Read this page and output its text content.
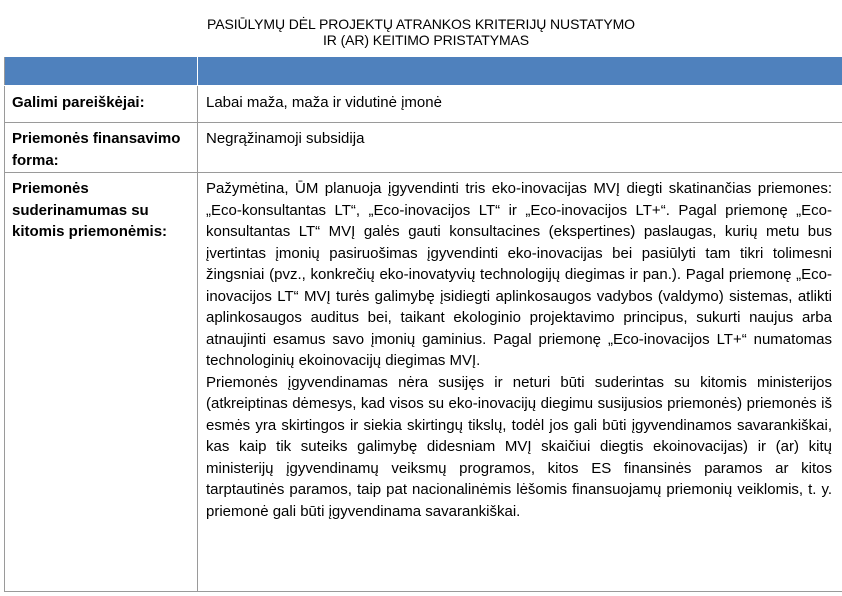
PASIŪLYMŲ DĖL PROJEKTŲ ATRANKOS KRITERIJŲ NUSTATYMO
IR (AR) KEITIMO PRISTATYMAS

Galimi pareiškėjai:	Labai maža, maža ir vidutinė įmonė
Priemonės finansavimo forma:	Negrąžinamoji subsidija
Priemonės suderinamumas su kitomis priemonėmis:	Pažymėtina, ŪM planuoja įgyvendinti tris eko-inovacijas MVĮ diegti skatinančias priemones: „Eco-konsultantas LT“, „Eco-inovacijos LT“ ir „Eco-inovacijos LT+“. Pagal priemonę „Eco-konsultantas LT“ MVĮ galės gauti konsultacines (ekspertines) paslaugas, kurių metu bus įvertintas įmonių pasiruošimas įgyvendinti eko-inovacijas bei pasiūlyti tam tikri tolimesni žingsniai (pvz., konkrečių eko-inovatyvių technologijų diegimas ir pan.). Pagal priemonę „Eco-inovacijos LT“ MVĮ turės galimybę įsidiegti aplinkosaugos vadybos (valdymo) sistemas, atlikti aplinkosaugos auditus bei, taikant ekologinio projektavimo principus, sukurti naujus arba atnaujinti esamus savo įmonių gaminius. Pagal priemonę „Eco-inovacijos LT+“ numatomas technologinių ekoinovacijų diegimas MVĮ.

Priemonės įgyvendinamas nėra susijęs ir neturi būti suderintas su kitomis ministerijos (atkreiptinas dėmesys, kad visos su eko-inovacijų diegimu susijusios priemonės) priemonės iš esmės yra skirtingos ir siekia skirtingų tikslų, todėl jos gali būti įgyvendinamos savarankiškai, kas kaip tik suteiks galimybę didesniam MVĮ skaičiui diegtis ekoinovacijas) ir (ar) kitų ministerijų įgyvendinamų veiksmų programos, kitos ES finansinės paramos ar kitos tarptautinės paramos, taip pat nacionalinėmis lėšomis finansuojamų priemonių veiklomis, t. y. priemonė gali būti įgyvendinama savarankiškai.
